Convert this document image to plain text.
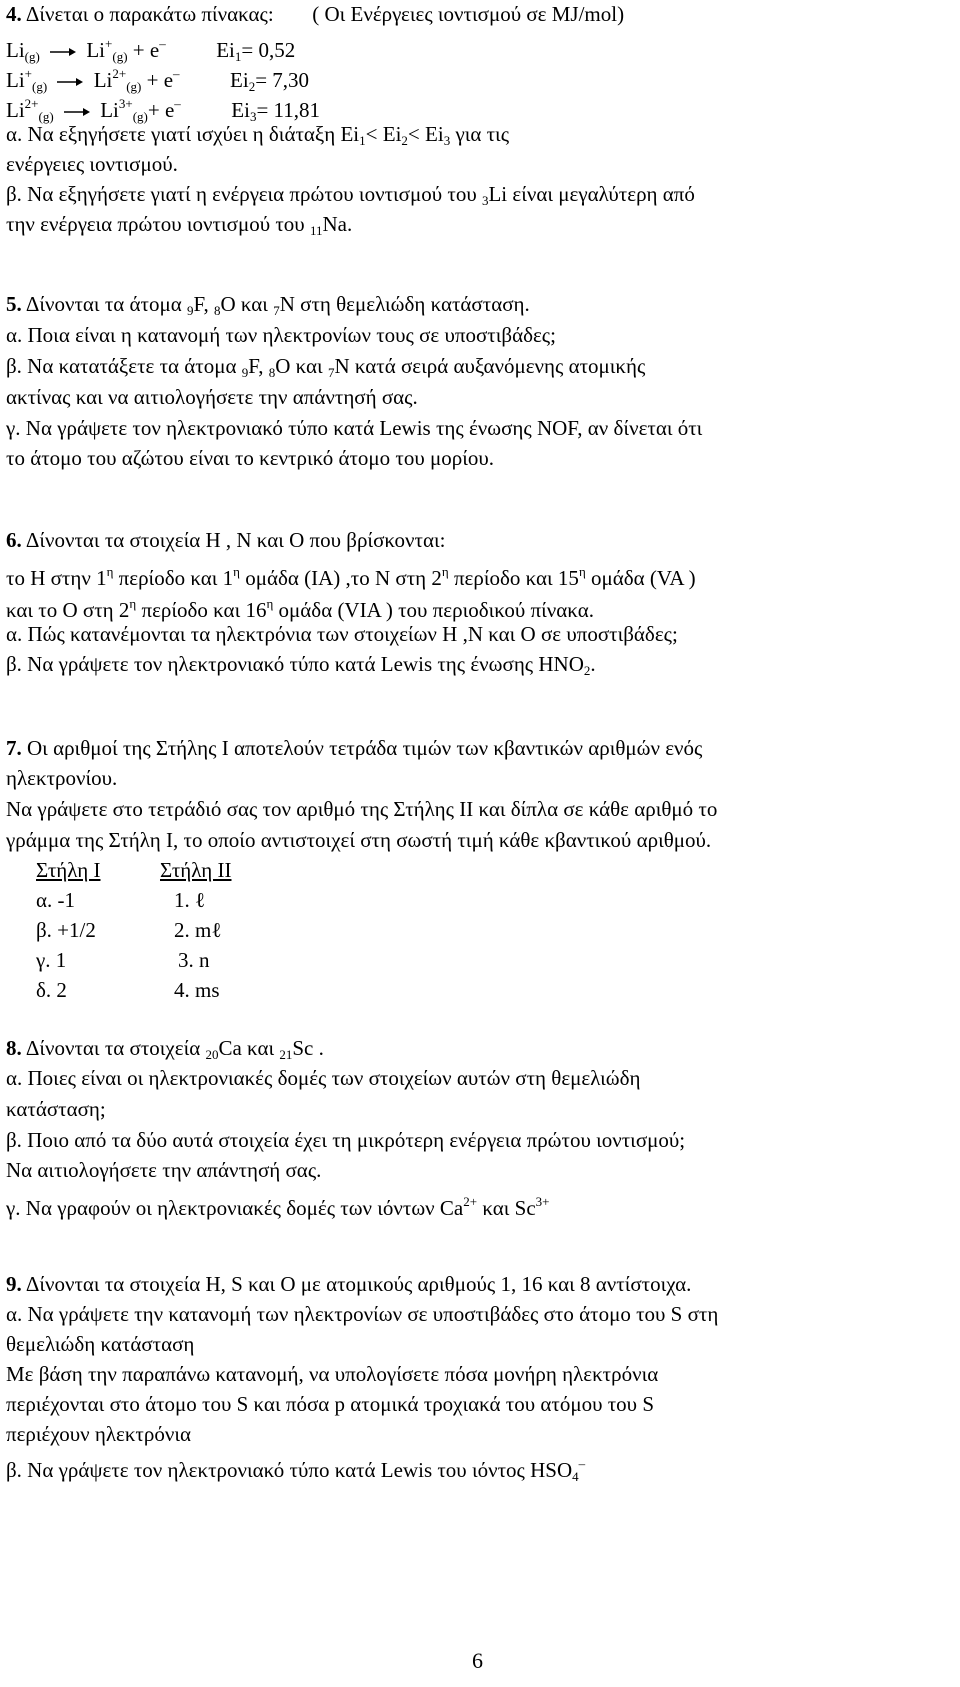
4. Δίνεται ο παρακάτω πίνακας: ( Οι Ενέργειες ιοντισμού σε MJ/mol)
$Li_{(g)}$ $Li^+_{(g)} + e^-$ $Ei_1= 0,52$
$Li^+_{(g)}$ $Li^{2+}_{(g)} + e^-$ $Ei_2= 7,30$
$Li^{2+}_{(g)}$ $Li^{3+}_{(g)}+ e^-$ $Ei_3= 11,81$
α. Να εξηγήσετε γιατί ισχύει η διάταξη $Ei_1< Ei_2< Ei_3$ για τις
ενέργειες ιοντισμού.
β. Να εξηγήσετε γιατί η ενέργεια πρώτου ιοντισμού του $_3$Li είναι μεγαλύτερη από
την ενέργεια πρώτου ιοντισμού του $_{11}$Na.
5. Δίνονται τα άτομα $_9$F, $_8$O και $_7$N στη θεμελιώδη κατάσταση.
α. Ποια είναι η κατανομή των ηλεκτρονίων τους σε υποστιβάδες;
β. Να κατατάξετε τα άτομα $_9$F, $_8$O και $_7$N κατά σειρά αυξανόμενης ατομικής
ακτίνας και να αιτιολογήσετε την απάντησή σας.
γ. Να γράψετε τον ηλεκτρονιακό τύπο κατά Lewis της ένωσης NOF, αν δίνεται ότι
το άτομο του αζώτου είναι το κεντρικό άτομο του μορίου.
6. Δίνονται τα στοιχεία H , N και O που βρίσκονται:
το H στην $1^\eta$ περίοδο και $1^\eta$ ομάδα (IA) ,το N στη $2^\eta$ περίοδο και $15^\eta$ ομάδα (VA )
και το O στη $2^\eta$ περίοδο και $16^\eta$ ομάδα (VIA ) του περιοδικού πίνακα.
α. Πώς κατανέμονται τα ηλεκτρόνια των στοιχείων H ,N και O σε υποστιβάδες;
β. Να γράψετε τον ηλεκτρονιακό τύπο κατά Lewis της ένωσης $HNO_2$.
7. Οι αριθμοί της Στήλης Ι αποτελούν τετράδα τιμών των κβαντικών αριθμών ενός
ηλεκτρονίου.
Να γράψετε στο τετράδιό σας τον αριθμό της Στήλης ΙΙ και δίπλα σε κάθε αριθμό το
γράμμα της Στήλη Ι, το οποίο αντιστοιχεί στη σωστή τιμή κάθε κβαντικού αριθμού.
Στήλη Ι	Στήλη ΙΙ
α. -1	1. ℓ
β. +1/2	2. mℓ
γ. 1	3. n
δ. 2	4. ms
8. Δίνονται τα στοιχεία $_{20}$Ca και $_{21}$Sc .
α. Ποιες είναι οι ηλεκτρονιακές δομές των στοιχείων αυτών στη θεμελιώδη
κατάσταση;
β. Ποιο από τα δύο αυτά στοιχεία έχει τη μικρότερη ενέργεια πρώτου ιοντισμού;
Να αιτιολογήσετε την απάντησή σας.
γ. Να γραφούν οι ηλεκτρονιακές δομές των ιόντων $Ca^{2+}$ και $Sc^{3+}$
9. Δίνονται τα στοιχεία H, S και O με ατομικούς αριθμούς 1, 16 και 8 αντίστοιχα.
α. Να γράψετε την κατανομή των ηλεκτρονίων σε υποστιβάδες στο άτομο του S στη
θεμελιώδη κατάσταση
Με βάση την παραπάνω κατανομή, να υπολογίσετε πόσα μονήρη ηλεκτρόνια
περιέχονται στο άτομο του S και πόσα p ατομικά τροχιακά του ατόμου του S
περιέχουν ηλεκτρόνια
β. Να γράψετε τον ηλεκτρονιακό τύπο κατά Lewis του ιόντος $HSO_4^-$
6
